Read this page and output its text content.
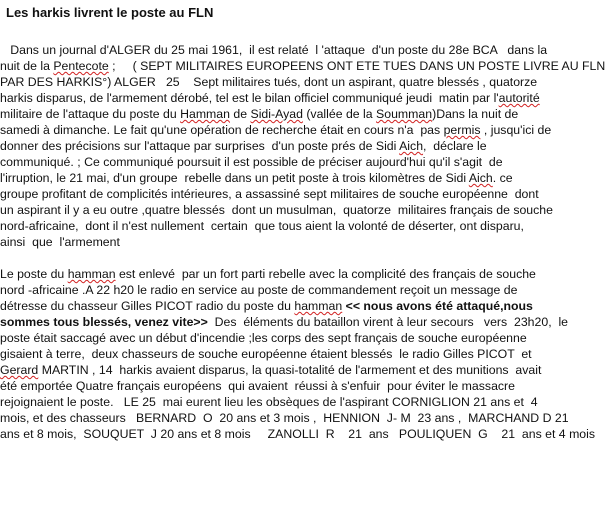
Les harkis livrent le poste au FLN
Dans un journal d'ALGER du 25 mai 1961,  il est relaté  l 'attaque  d'un poste du 28e BCA   dans la
nuit de la Pentecote ;     ( SEPT MILITAIRES EUROPEENS ONT ETE TUES DANS UN POSTE LIVRE AU FLN
PAR DES HARKIS°) ALGER   25    Sept militaires tués, dont un aspirant, quatre blessés , quatorze
harkis disparus, de l'armement dérobé, tel est le bilan officiel communiqué jeudi  matin par l'autorité
militaire de l'attaque du poste du Hamman de Sidi-Ayad (vallée de la Soumman)Dans la nuit de
samedi à dimanche. Le fait qu'une opération de recherche était en cours n'a  pas permis , jusqu'ici de
donner des précisions sur l'attaque par surprises  d'un poste prés de Sidi Aich,  déclare le
communiqué. ; Ce communiqué poursuit il est possible de préciser aujourd'hui qu'il s'agit  de
l'irruption, le 21 mai, d'un groupe  rebelle dans un petit poste à trois kilomètres de Sidi Aich. ce
groupe profitant de complicités intérieures, a assassiné sept militaires de souche européenne  dont
un aspirant il y a eu outre ,quatre blessés  dont un musulman,  quatorze  militaires français de souche
nord-africaine,  dont il n'est nullement  certain  que tous aient la volonté de déserter, ont disparu,
ainsi  que  l'armement
Le poste du hamman est enlevé  par un fort parti rebelle avec la complicité des français de souche
nord -africaine .A 22 h20 le radio en service au poste de commandement reçoit un message de
détresse du chasseur Gilles PICOT radio du poste du hamman << nous avons été attaqué,nous
sommes tous blessés, venez vite>>  Des  éléments du bataillon virent à leur secours   vers  23h20,  le
poste était saccagé avec un début d'incendie ;les corps des sept français de souche européenne
gisaient à terre,  deux chasseurs de souche européenne étaient blessés  le radio Gilles PICOT  et
Gerard MARTIN , 14  harkis avaient disparus, la quasi-totalité de l'armement et des munitions  avait
été emportée Quatre français européens  qui avaient  réussi à s'enfuir  pour éviter le massacre
rejoignaient le poste.   LE 25  mai eurent lieu les obsèques de l'aspirant CORNIGLION 21 ans et  4
mois, et des chasseurs   BERNARD  O  20 ans et 3 mois ,  HENNION  J- M  23 ans ,  MARCHAND D 21
ans et 8 mois,  SOUQUET  J 20 ans et 8 mois     ZANOLLI  R    21  ans   POULIQUEN  G    21  ans et 4 mois
